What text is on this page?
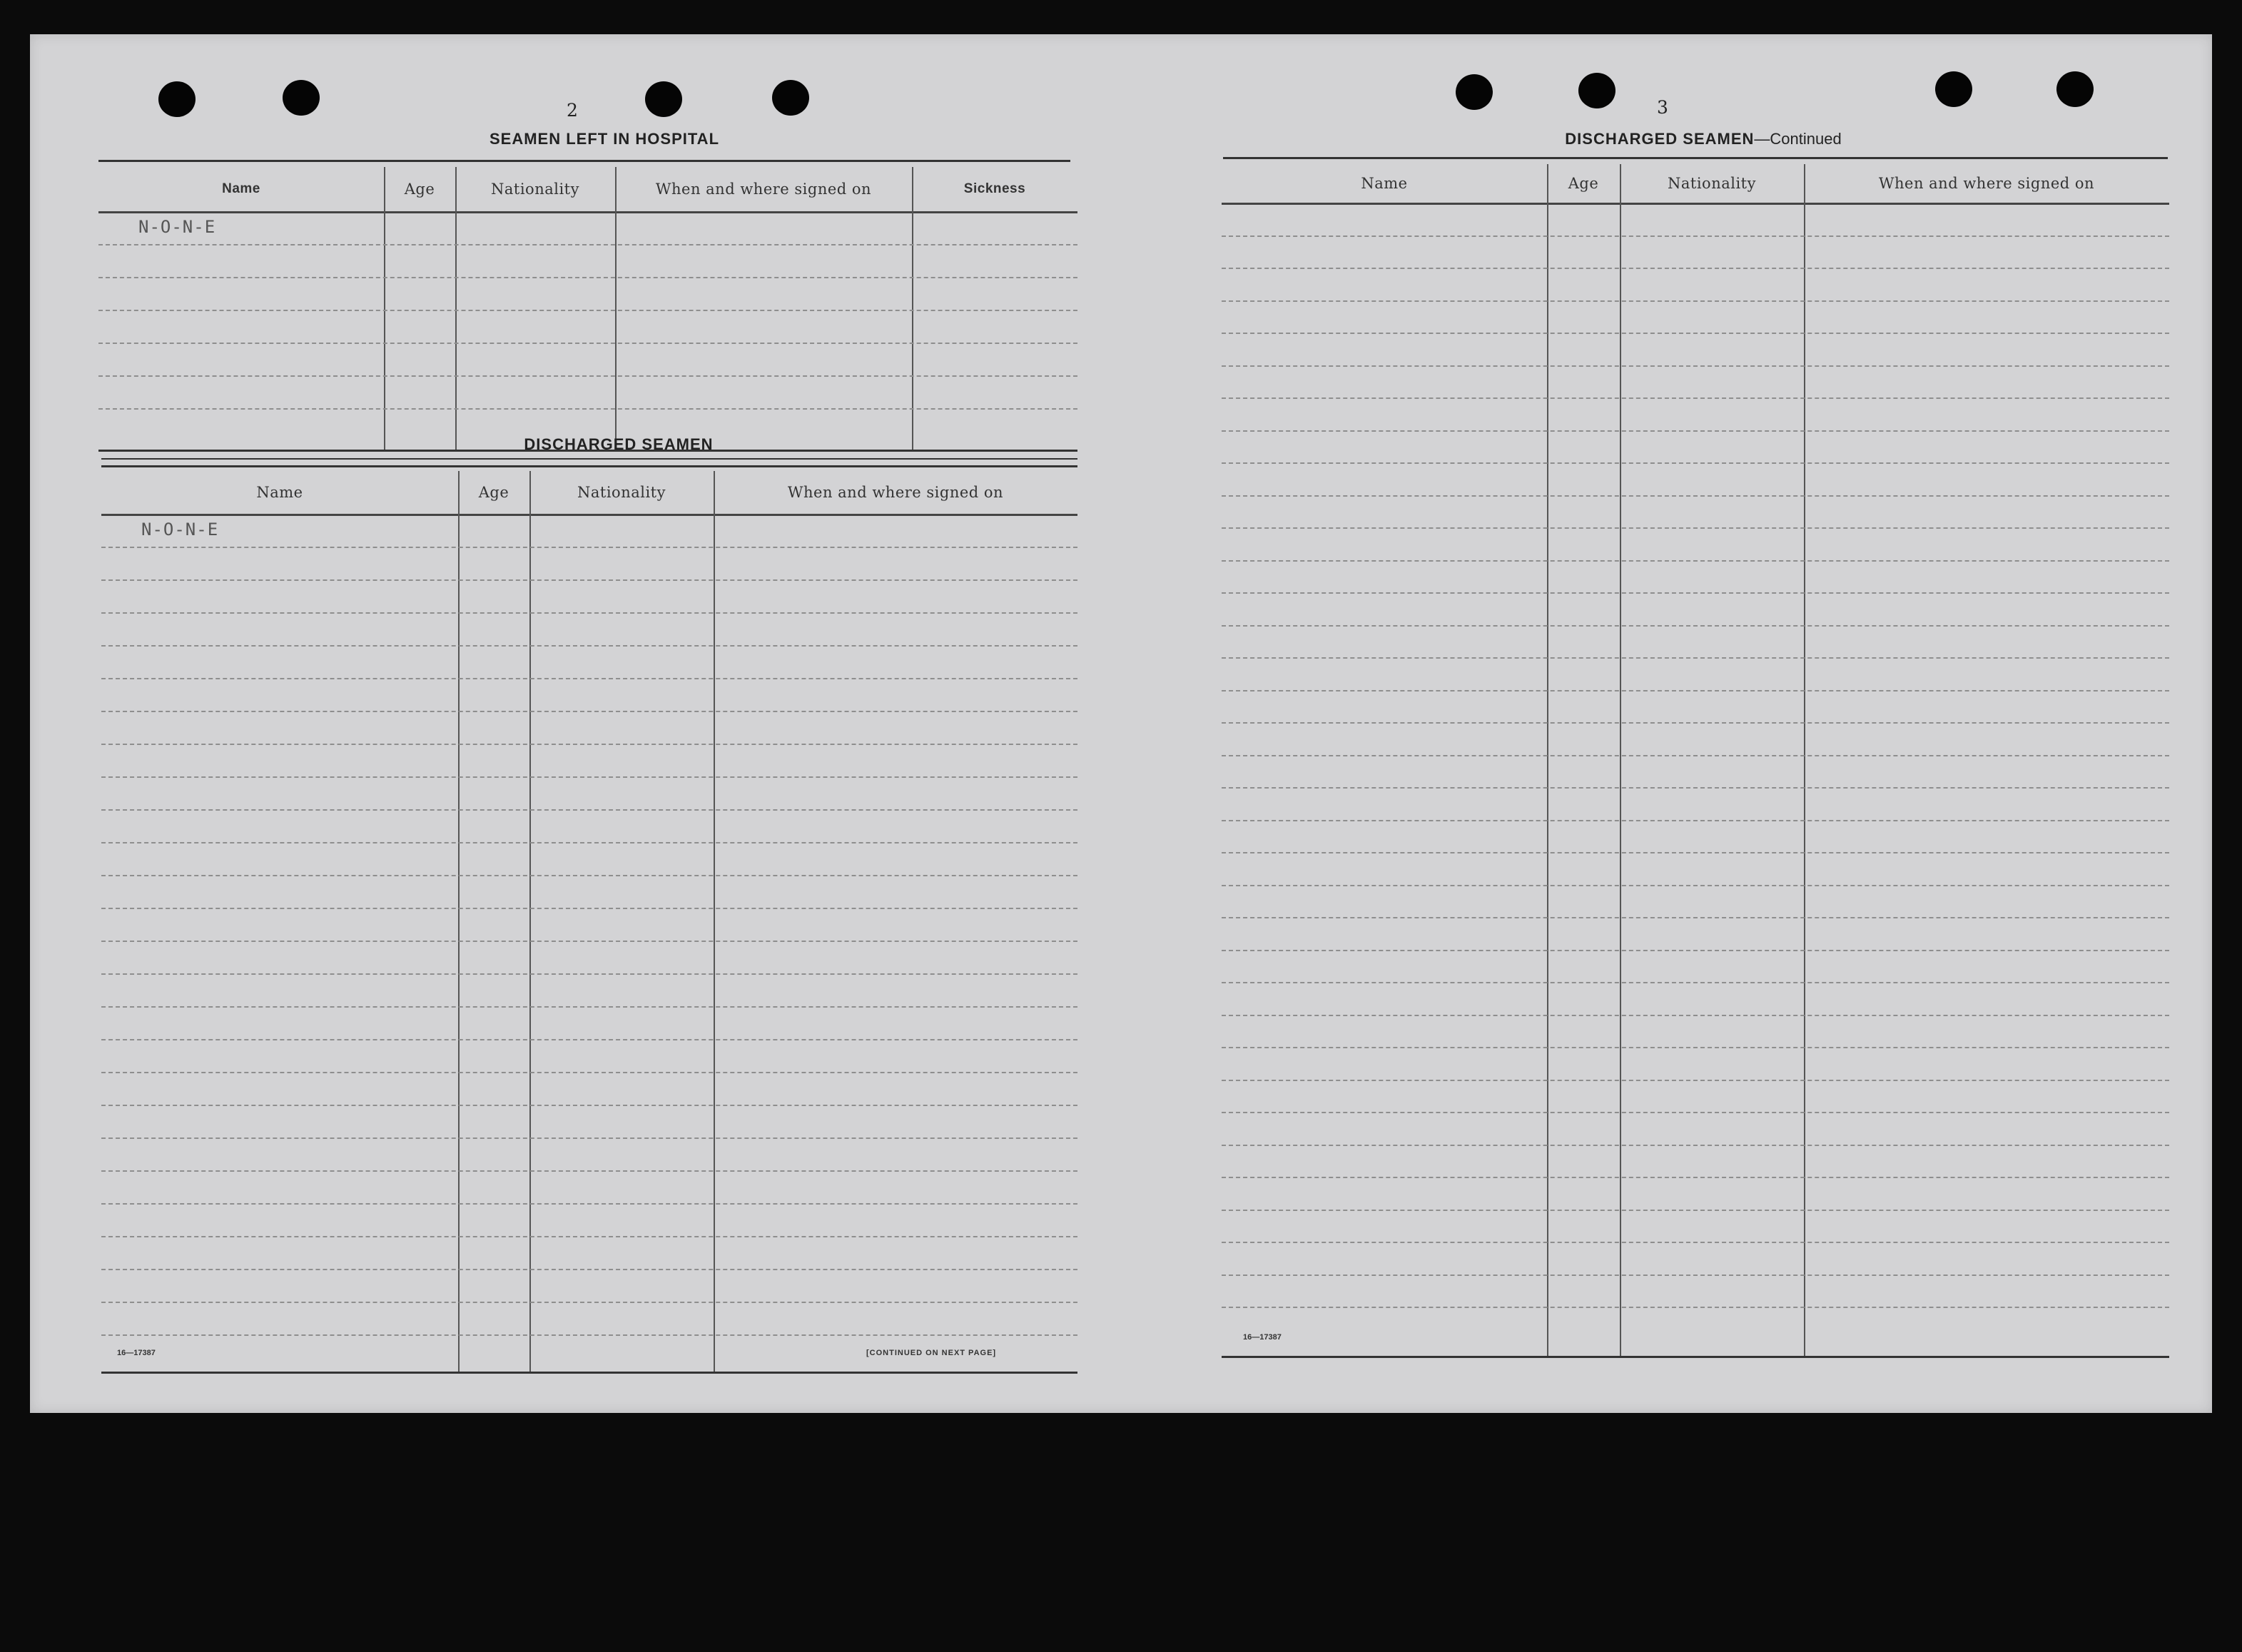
2
SEAMEN LEFT IN HOSPITAL
Name	Age	Nationality	When and where signed on	Sickness
N-O-N-E
DISCHARGED SEAMEN
Name	Age	Nationality	When and where signed on
N-O-N-E
16—17387	[CONTINUED ON NEXT PAGE]
3
DISCHARGED SEAMEN—Continued
Name	Age	Nationality	When and where signed on
16—17387
